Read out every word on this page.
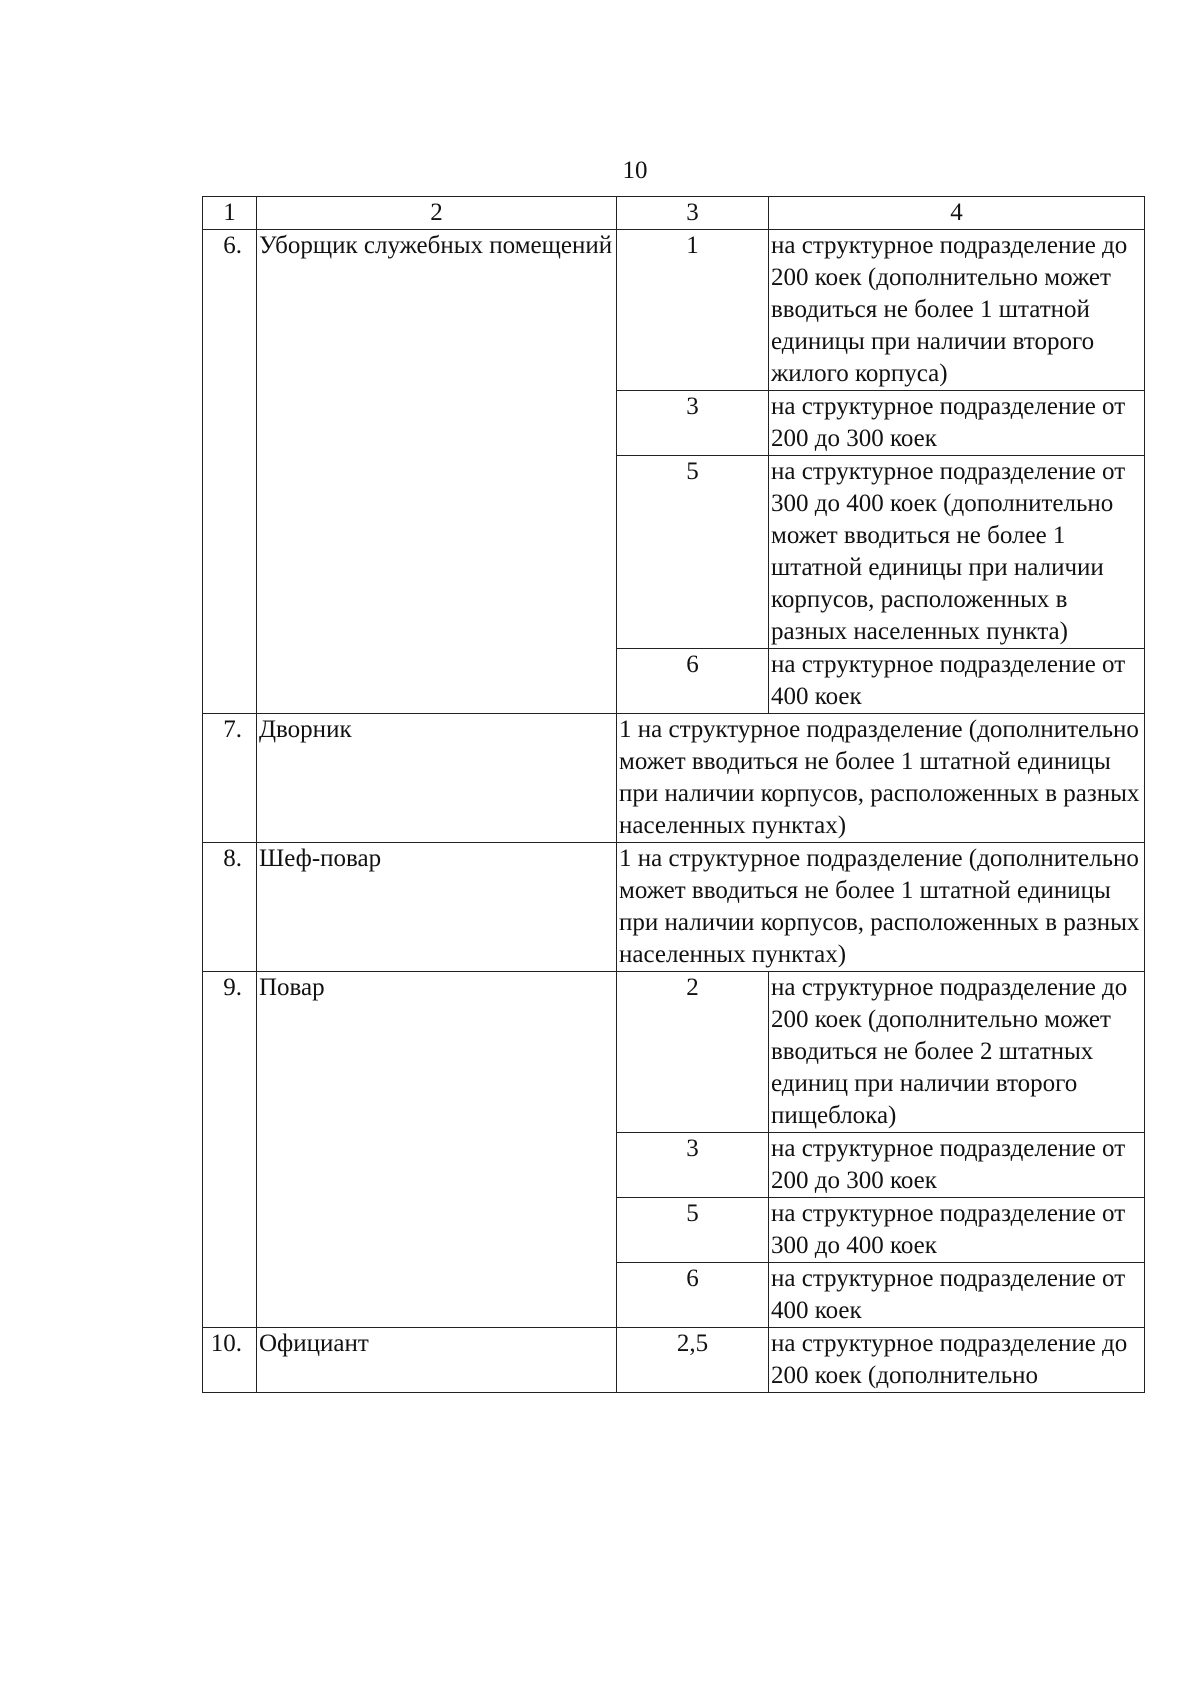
10
1	2	3	4
6.	Уборщик служебных помещений	1	на структурное подразделение до 200 коек (дополнительно может вводиться не более 1 штатной единицы при наличии второго жилого корпуса)
		3	на структурное подразделение от 200 до 300 коек
		5	на структурное подразделение от 300 до 400 коек (дополнительно может вводиться не более 1 штатной единицы при наличии корпусов, расположенных в разных населенных пункта)
		6	на структурное подразделение от 400 коек
7.	Дворник	1 на структурное подразделение (дополнительно может вводиться не более 1 штатной единицы при наличии корпусов, расположенных в разных населенных пунктах)	
8.	Шеф-повар	1 на структурное подразделение (дополнительно может вводиться не более 1 штатной единицы при наличии корпусов, расположенных в разных населенных пунктах)	
9.	Повар	2	на структурное подразделение до 200 коек (дополнительно может вводиться не более 2 штатных единиц при наличии второго пищеблока)
		3	на структурное подразделение от 200 до 300 коек
		5	на структурное подразделение от 300 до 400 коек
		6	на структурное подразделение от 400 коек
10.	Официант	2,5	на структурное подразделение до 200 коек (дополнительно
